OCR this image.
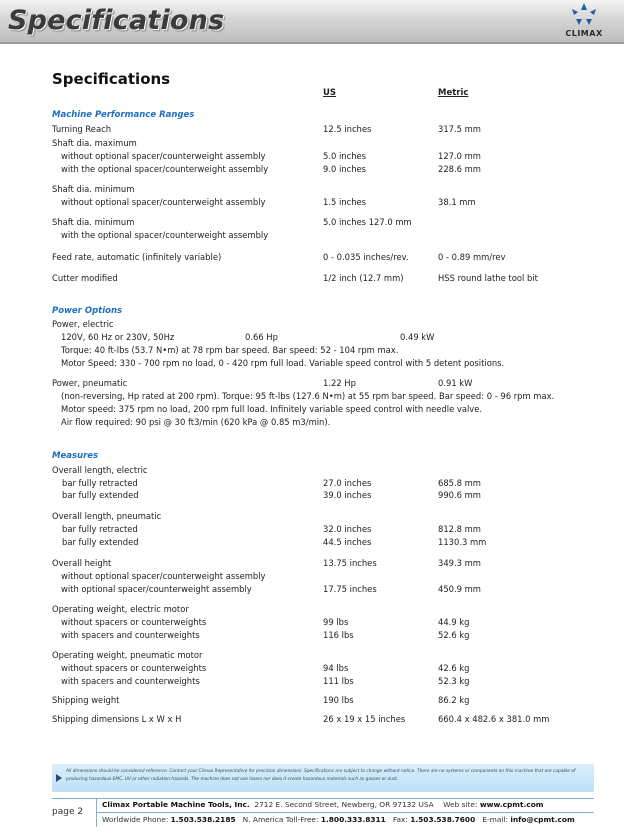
Specifications	CLIMAX
Specifications
US	Metric
Machine Performance Ranges
Turning Reach	12.5 inches	317.5 mm
Shaft dia. maximum
without optional spacer/counterweight assembly	5.0 inches	127.0 mm
with the optional spacer/counterweight assembly	9.0 inches	228.6 mm
Shaft dia. minimum
without optional spacer/counterweight assembly	1.5 inches	38.1 mm
Shaft dia. minimum	5.0 inches 127.0 mm
with the optional spacer/counterweight assembly
Feed rate, automatic (infinitely variable)	0 - 0.035 inches/rev.	0 - 0.89 mm/rev
Cutter modified	1/2 inch (12.7 mm)	HSS round lathe tool bit
Power Options
Power, electric
120V, 60 Hz or 230V, 50Hz	0.66 Hp	0.49 kW
Torque: 40 ft-lbs (53.7 N•m) at 78 rpm bar speed. Bar speed: 52 - 104 rpm max.
Motor Speed: 330 - 700 rpm no load, 0 - 420 rpm full load. Variable speed control with 5 detent positions.
Power, pneumatic	1.22 Hp	0.91 kW
(non-reversing, Hp rated at 200 rpm). Torque: 95 ft-lbs (127.6 N•m) at 55 rpm bar speed. Bar speed: 0 - 96 rpm max.
Motor speed: 375 rpm no load, 200 rpm full load. Infinitely variable speed control with needle valve.
Air flow required: 90 psi @ 30 ft3/min (620 kPa @ 0.85 m3/min).
Measures
Overall length, electric
bar fully retracted	27.0 inches	685.8 mm
bar fully extended	39.0 inches	990.6 mm
Overall length, pneumatic
bar fully retracted	32.0 inches	812.8 mm
bar fully extended	44.5 inches	1130.3 mm
Overall height	13.75 inches	349.3 mm
without optional spacer/counterweight assembly
with optional spacer/counterweight assembly	17.75 inches	450.9 mm
Operating weight, electric motor
without spacers or counterweights	99 lbs	44.9 kg
with spacers and counterweights	116 lbs	52.6 kg
Operating weight, pneumatic motor
without spacers or counterweights	94 lbs	42.6 kg
with spacers and counterweights	111 lbs	52.3 kg
Shipping weight	190 lbs	86.2 kg
Shipping dimensions L x W x H	26 x 19 x 15 inches	660.4 x 482.6 x 381.0 mm

All dimensions should be considered reference. Contact your Climax Representative for precision dimensions. Specifications are subject to change without notice. There are no systems or components on this machine that are capable of producing hazardous EMC, UV or other radiation hazards. The machine does not use lasers nor does it create hazardous materials such as gasses or dust.

page 2
Climax Portable Machine Tools, Inc. 2712 E. Second Street, Newberg, OR 97132 USA Web site: www.cpmt.com
Worldwide Phone: 1.503.538.2185 N. America Toll-Free: 1.800.333.8311 Fax: 1.503.538.7600 E-mail: info@cpmt.com
